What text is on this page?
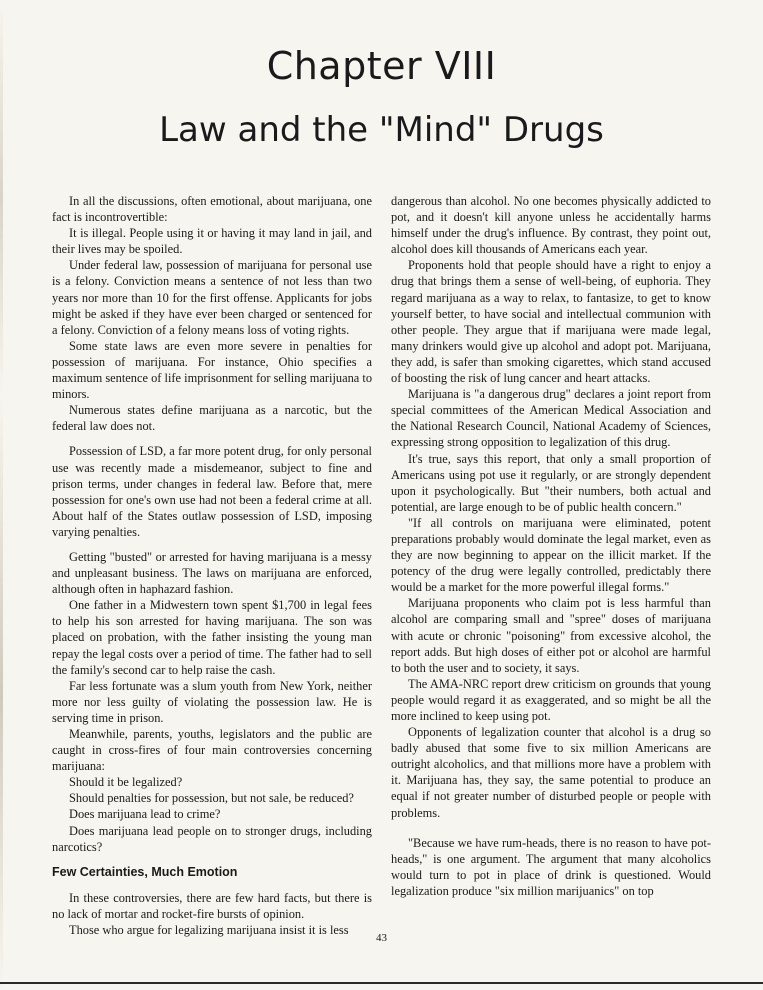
Chapter VIII
Law and the "Mind" Drugs

In all the discussions, often emotional, about marijuana, one fact is incontrovertible:

It is illegal. People using it or having it may land in jail, and their lives may be spoiled.

Under federal law, possession of marijuana for personal use is a felony. Conviction means a sentence of not less than two years nor more than 10 for the first offense. Applicants for jobs might be asked if they have ever been charged or sentenced for a felony. Conviction of a felony means loss of voting rights.

Some state laws are even more severe in penalties for possession of marijuana. For instance, Ohio specifies a maximum sentence of life imprisonment for selling marijuana to minors.

Numerous states define marijuana as a narcotic, but the federal law does not.

Possession of LSD, a far more potent drug, for only personal use was recently made a misdemeanor, subject to fine and prison terms, under changes in federal law. Before that, mere possession for one's own use had not been a federal crime at all. About half of the States outlaw possession of LSD, imposing varying penalties.

Getting "busted" or arrested for having marijuana is a messy and unpleasant business. The laws on marijuana are enforced, although often in haphazard fashion.

One father in a Midwestern town spent $1,700 in legal fees to help his son arrested for having marijuana. The son was placed on probation, with the father insisting the young man repay the legal costs over a period of time. The father had to sell the family's second car to help raise the cash.

Far less fortunate was a slum youth from New York, neither more nor less guilty of violating the possession law. He is serving time in prison.

Meanwhile, parents, youths, legislators and the public are caught in cross-fires of four main controversies concerning marijuana:

Should it be legalized?

Should penalties for possession, but not sale, be reduced?

Does marijuana lead to crime?

Does marijuana lead people on to stronger drugs, including narcotics?

Few Certainties, Much Emotion

In these controversies, there are few hard facts, but there is no lack of mortar and rocket-fire bursts of opinion.

Those who argue for legalizing marijuana insist it is less

dangerous than alcohol. No one becomes physically addicted to pot, and it doesn't kill anyone unless he accidentally harms himself under the drug's influence. By contrast, they point out, alcohol does kill thousands of Americans each year.

Proponents hold that people should have a right to enjoy a drug that brings them a sense of well-being, of euphoria. They regard marijuana as a way to relax, to fantasize, to get to know yourself better, to have social and intellectual communion with other people. They argue that if marijuana were made legal, many drinkers would give up alcohol and adopt pot. Marijuana, they add, is safer than smoking cigarettes, which stand accused of boosting the risk of lung cancer and heart attacks.

Marijuana is "a dangerous drug" declares a joint report from special committees of the American Medical Association and the National Research Council, National Academy of Sciences, expressing strong opposition to legalization of this drug.

It's true, says this report, that only a small proportion of Americans using pot use it regularly, or are strongly dependent upon it psychologically. But "their numbers, both actual and potential, are large enough to be of public health concern."

"If all controls on marijuana were eliminated, potent preparations probably would dominate the legal market, even as they are now beginning to appear on the illicit market. If the potency of the drug were legally controlled, predictably there would be a market for the more powerful illegal forms."

Marijuana proponents who claim pot is less harmful than alcohol are comparing small and "spree" doses of marijuana with acute or chronic "poisoning" from excessive alcohol, the report adds. But high doses of either pot or alcohol are harmful to both the user and to society, it says.

The AMA-NRC report drew criticism on grounds that young people would regard it as exaggerated, and so might be all the more inclined to keep using pot.

Opponents of legalization counter that alcohol is a drug so badly abused that some five to six million Americans are outright alcoholics, and that millions more have a problem with it. Marijuana has, they say, the same potential to produce an equal if not greater number of disturbed people or people with problems.

"Because we have rum-heads, there is no reason to have pot-heads," is one argument. The argument that many alcoholics would turn to pot in place of drink is questioned. Would legalization produce "six million marijuanics" on top

43
